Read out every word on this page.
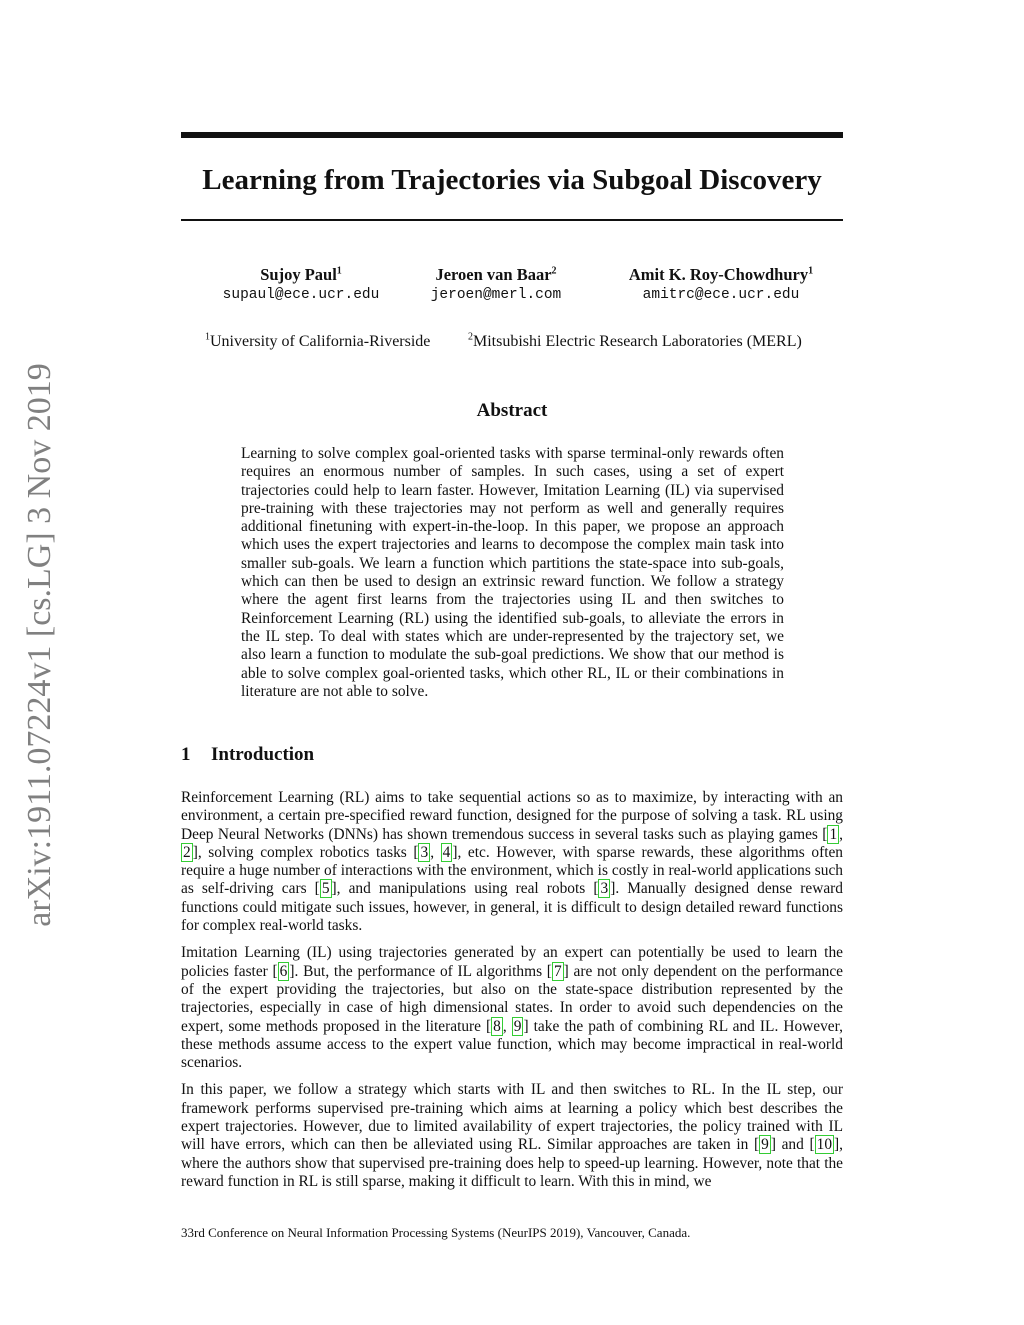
arXiv:1911.07224v1 [cs.LG] 3 Nov 2019
Learning from Trajectories via Subgoal Discovery
Sujoy Paul$^1$
supaul@ece.ucr.edu
Jeroen van Baar$^2$
jeroen@merl.com
Amit K. Roy-Chowdhury$^1$
amitrc@ece.ucr.edu
$^1$University of California-Riverside	$^2$Mitsubishi Electric Research Laboratories (MERL)
Abstract
Learning to solve complex goal-oriented tasks with sparse terminal-only rewards often requires an enormous number of samples. In such cases, using a set of expert trajectories could help to learn faster. However, Imitation Learning (IL) via supervised pre-training with these trajectories may not perform as well and generally requires additional finetuning with expert-in-the-loop. In this paper, we propose an approach which uses the expert trajectories and learns to decompose the complex main task into smaller sub-goals. We learn a function which partitions the state-space into sub-goals, which can then be used to design an extrinsic reward function. We follow a strategy where the agent first learns from the trajectories using IL and then switches to Reinforcement Learning (RL) using the identified sub-goals, to alleviate the errors in the IL step. To deal with states which are under-represented by the trajectory set, we also learn a function to modulate the sub-goal predictions. We show that our method is able to solve complex goal-oriented tasks, which other RL, IL or their combinations in literature are not able to solve.
1 Introduction

Reinforcement Learning (RL) aims to take sequential actions so as to maximize, by interacting with an environment, a certain pre-specified reward function, designed for the purpose of solving a task. RL using Deep Neural Networks (DNNs) has shown tremendous success in several tasks such as playing games [ 1 , 2 ], solving complex robotics tasks [ 3 , 4 ], etc. However, with sparse rewards, these algorithms often require a huge number of interactions with the environment, which is costly in real-world applications such as self-driving cars [ 5 ], and manipulations using real robots [ 3 ]. Manually designed dense reward functions could mitigate such issues, however, in general, it is difficult to design detailed reward functions for complex real-world tasks.

Imitation Learning (IL) using trajectories generated by an expert can potentially be used to learn the policies faster [ 6 ]. But, the performance of IL algorithms [ 7 ] are not only dependent on the performance of the expert providing the trajectories, but also on the state-space distribution represented by the trajectories, especially in case of high dimensional states. In order to avoid such dependencies on the expert, some methods proposed in the literature [ 8 , 9 ] take the path of combining RL and IL. However, these methods assume access to the expert value function, which may become impractical in real-world scenarios.

In this paper, we follow a strategy which starts with IL and then switches to RL. In the IL step, our framework performs supervised pre-training which aims at learning a policy which best describes the expert trajectories. However, due to limited availability of expert trajectories, the policy trained with IL will have errors, which can then be alleviated using RL. Similar approaches are taken in [ 9 ] and [ 10 ], where the authors show that supervised pre-training does help to speed-up learning. However, note that the reward function in RL is still sparse, making it difficult to learn. With this in mind, we

33rd Conference on Neural Information Processing Systems (NeurIPS 2019), Vancouver, Canada.
